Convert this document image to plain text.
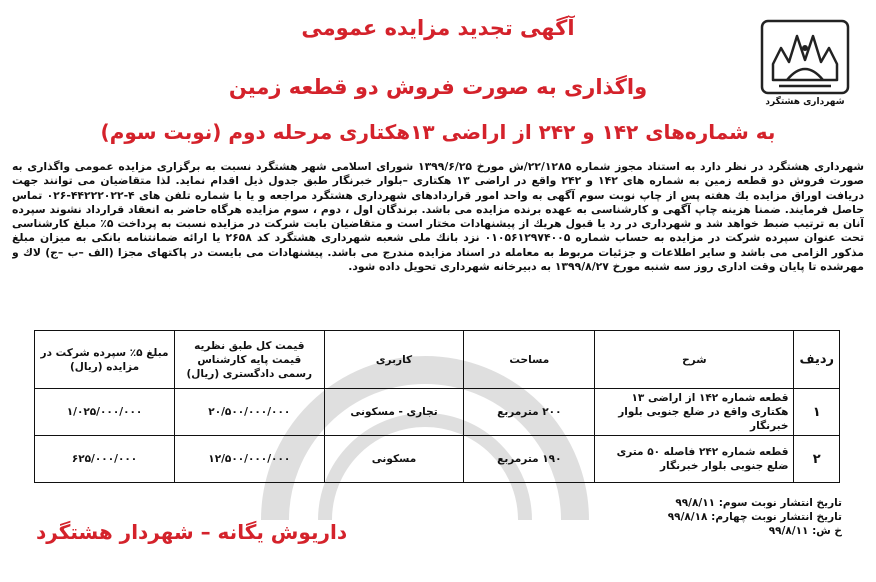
شهرداری هشتگرد
آگهی تجدید مزایده عمومی
واگذاری به صورت فروش دو قطعه زمین
به شماره‌های ۱۴۲ و ۲۴۲ از اراضی ۱۳هکتاری مرحله دوم (نوبت سوم)
شهرداری هشتگرد در نظر دارد به استناد مجوز شماره ۲۲/۱۲۸۵/ش مورخ ۱۳۹۹/۶/۲۵ شورای اسلامی شهر هشتگرد نسبت به برگزاری مزایده عمومی واگذاری به صورت فروش دو قطعه زمین به شماره های ۱۴۲ و ۲۴۲ واقع در اراضی ۱۳ هکتاری –بلوار خبرنگار طبق جدول ذیل اقدام نماید. لذا متقاضیان می توانند جهت دریافت اوراق مزایده یك هفته پس از چاپ نوبت سوم آگهی به واحد امور قراردادهای شهرداری هشتگرد مراجعه و یا با شماره تلفن های ۴-۴۴۲۲۲۰۲۲-۰۲۶ تماس حاصل فرمایند. ضمنا هزینه چاپ آگهی و كارشناسی به عهده برنده مزایده می باشد. برندگان اول ، دوم ، سوم مزایده هرگاه حاضر به انعقاد قرارداد نشوند سپرده آنان به ترتیب ضبط خواهد شد و شهرداری در رد یا قبول هریك از پیشنهادات مختار است و متقاضیان بابت شركت در مزایده نسبت به پرداخت ۵٪ مبلغ كارشناسی تحت عنوان سپرده شركت در مزایده به حساب شماره ۰۱۰۵۶۱۲۹۷۴۰۰۵ نزد بانك ملی شعبه شهرداری هشتگرد كد ۲۶۵۸ یا ارائه ضمانتنامه بانكی به میزان مبلغ مذكور الزامی می باشد و سایر اطلاعات و جزئیات مربوط به معامله در اسناد مزایده مندرج می باشد. پیشنهادات می بایست در پاكتهای مجزا (الف –ب –ج) لاك و مهرشده تا پایان وقت اداری روز سه شنبه مورخ ۱۳۹۹/۸/۲۷ به دبیرخانه شهرداری تحویل داده شود.
ردیف	شرح	مساحت	كاربری	قیمت كل طبق نظریه قیمت پایه كارشناس رسمی دادگستری (ریال)	مبلغ ۵٪ سپرده شركت در مزایده (ریال)
۱	قطعه شماره ۱۴۲ از اراضی ۱۳ هكتاری واقع در ضلع جنوبی بلوار خبرنگار	۲۰۰ مترمربع	تجاری - مسكونی	۲۰/۵۰۰/۰۰۰/۰۰۰	۱/۰۲۵/۰۰۰/۰۰۰
۲	قطعه شماره ۲۴۲ فاصله ۵۰ متری ضلع جنوبی بلوار خبرنگار	۱۹۰ مترمربع	مسكونی	۱۲/۵۰۰/۰۰۰/۰۰۰	۶۲۵/۰۰۰/۰۰۰
تاریخ انتشار نوبت سوم: ۹۹/۸/۱۱
تاریخ انتشار نوبت چهارم: ۹۹/۸/۱۸
خ ش: ۹۹/۸/۱۱
داریوش یگانه – شهردار هشتگرد
